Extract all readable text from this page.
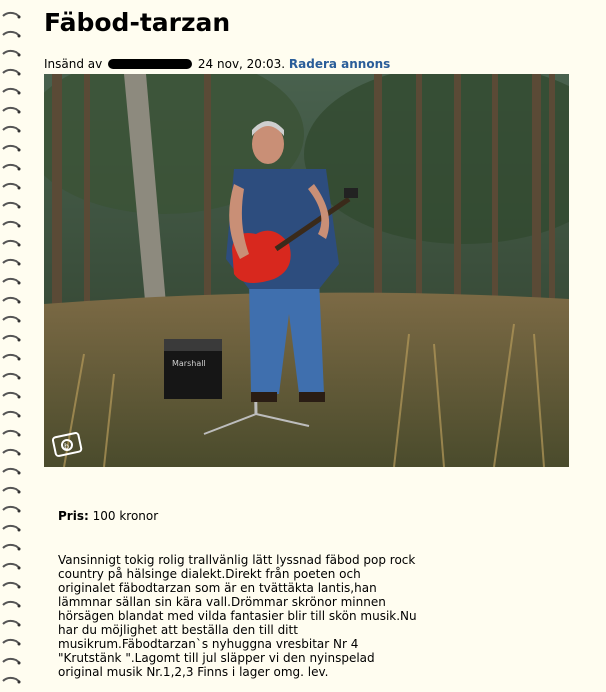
Fäbod-tarzan
Insänd av	24 nov, 20:03. Radera annons
Marshall
b
Pris: 100 kronor

Vansinnigt tokig rolig trallvänlig lätt lyssnad fäbod pop rock country på hälsinge dialekt.Direkt från poeten och originalet fäbodtarzan som är en tvättäkta lantis,han lämmnar sällan sin kära vall.Drömmar skrönor minnen hörsägen blandat med vilda fantasier blir till skön musik.Nu har du möjlighet att beställa den till ditt musikrum.Fäbodtarzan`s nyhuggna vresbitar Nr 4 "Krutstänk ".Lagomt till jul släpper vi den nyinspelad original musik Nr.1,2,3 Finns i lager omg. lev.
